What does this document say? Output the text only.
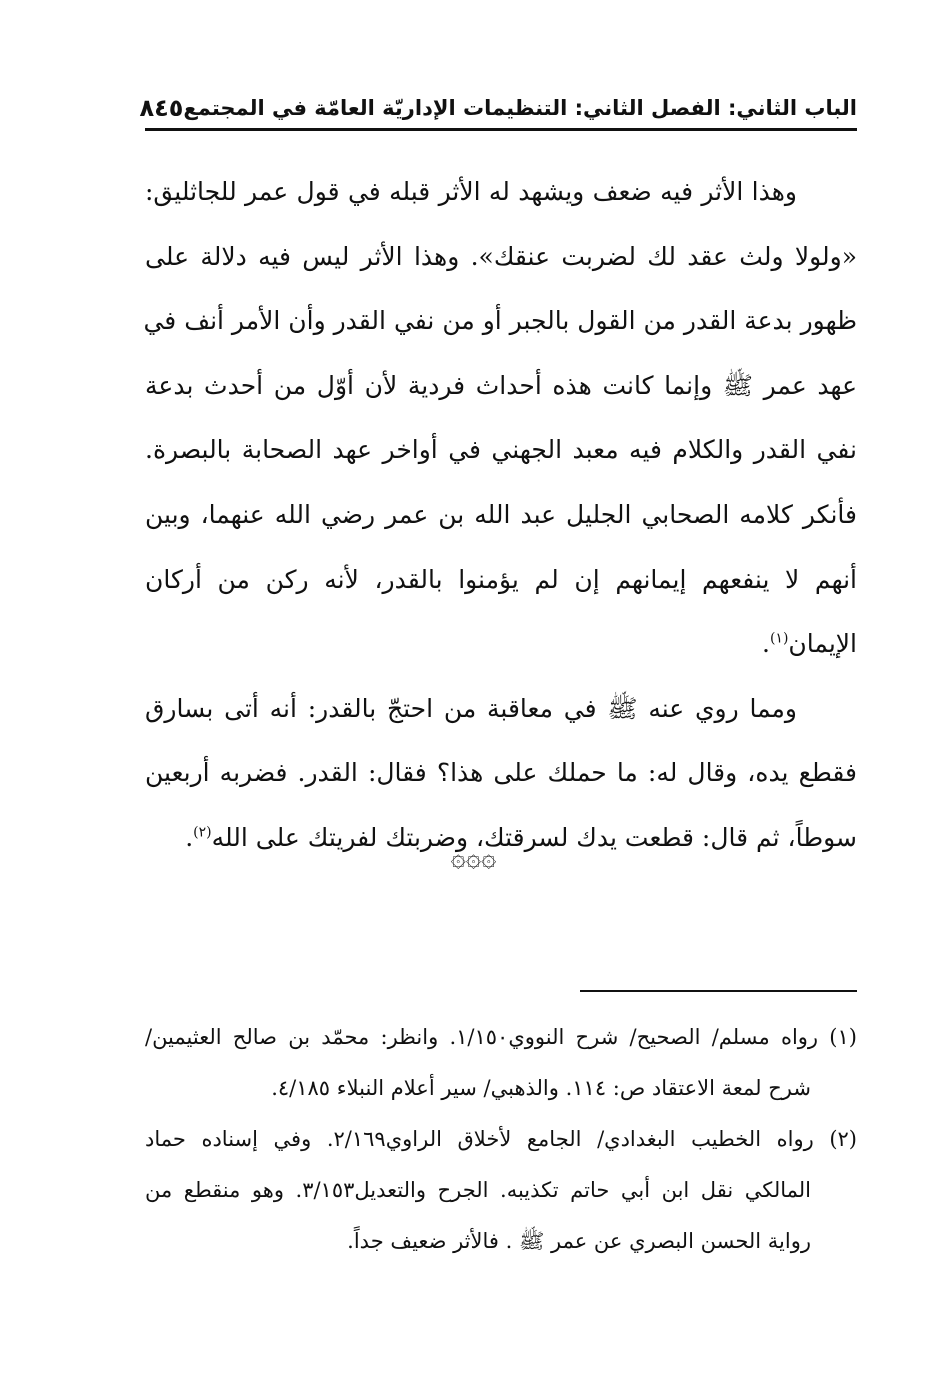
الباب الثاني: الفصل الثاني: التنظيمات الإداريّة العامّة في المجتمع
٨٤٥

وهذا الأثر فيه ضعف ويشهد له الأثر قبله في قول عمر للجاثليق:
«ولولا ولث عقد لك لضربت عنقك». وهذا الأثر ليس فيه دلالة على
ظهور بدعة القدر من القول بالجبر أو من نفي القدر وأن الأمر أنف في
عهد عمر ﷺ وإنما كانت هذه أحداث فردية لأن أوّل من أحدث بدعة
نفي القدر والكلام فيه معبد الجهني في أواخر عهد الصحابة بالبصرة.
فأنكر كلامه الصحابي الجليل عبد الله بن عمر رضي الله عنهما، وبين
أنهم لا ينفعهم إيمانهم إن لم يؤمنوا بالقدر، لأنه ركن من أركان
الإيمان$^{(١)}$.

ومما روي عنه ﷺ في معاقبة من احتجّ بالقدر: أنه أتى بسارق
فقطع يده، وقال له: ما حملك على هذا؟ فقال: القدر. فضربه أربعين
سوطاً، ثم قال: قطعت يدك لسرقتك، وضربتك لفريتك على الله$^{(٢)}$.

۞۞۞

(١) رواه مسلم/ الصحيح/ شرح النووي١/١٥٠. وانظر: محمّد بن صالح العثيمين/
شرح لمعة الاعتقاد ص: ١١٤. والذهبي/ سير أعلام النبلاء ٤/١٨٥.

(٢) رواه الخطيب البغدادي/ الجامع لأخلاق الراوي٢/١٦٩. وفي إسناده حماد
المالكي نقل ابن أبي حاتم تكذيبه. الجرح والتعديل٣/١٥٣. وهو منقطع من
رواية الحسن البصري عن عمر ﷺ . فالأثر ضعيف جداً.
